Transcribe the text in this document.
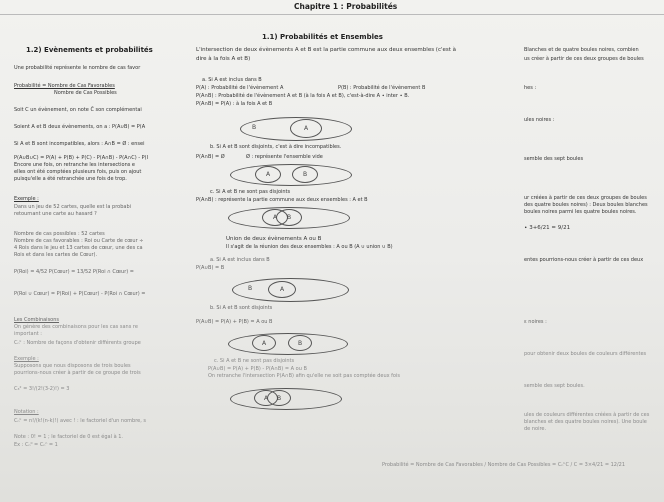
Chapitre 1 : Probabilités
1.1) Probabilités et Ensembles
1.2) Evènements et probabilités
Une probabilité représente le nombre de cas favor
Probabilité = Nombre de Cas Favorables
Nombre de Cas Possibles
Soit C un évènement, on note C̄ son complémentai
Soient A et B deux évènements, on a : P(A∪B) = P(A
Si A et B sont incompatibles, alors : A∩B = Ø : ensei
P(A∪B∪C) = P(A) + P(B) + P(C) - P(A∩B) - P(A∩C) - P(I
Encore une fois, on retranche les intersections e
elles ont été comptées plusieurs fois, puis on ajout
puisqu'elle a été retranchée une fois de trop.
Exemple :
Dans un jeu de 52 cartes, quelle est la probabi
retournant une carte au hasard ?
Nombre de cas possibles : 52 cartes
Nombre de cas favorables : Roi ou Carte de cœur ÷
4 Rois dans le jeu et 13 cartes de cœur, une des ca
Rois et dans les cartes de Cœur).
P(Roi) = 4/52 P(Cœur) = 13/52 P(Roi ∩ Cœur) =
P(Roi ∪ Cœur) = P(Roi) + P(Cœur) - P(Roi ∩ Cœur) =
Les Combinaisons
On génère des combinaisons pour les cas sans re
important :
Cₙᵏ : Nombre de façons d'obtenir différents groupe
Exemple :
Supposons que nous disposons de trois boules
pourrions-nous créer à partir de ce groupe de trois
C₃² = 3!/(2!(3-2)!) = 3
Notation :
Cₙᵏ = n!/(k!(n-k)!) avec ! : le factoriel d'un nombre, s
Note : 0! = 1 ; le factoriel de 0 est égal à 1.
Ex : Cₙ⁰ = Cₙⁿ = 1
L'intersection de deux évènements A et B est la partie commune aux deux ensembles (c'est à
dire à la fois A et B)
a. Si A est inclus dans B
P(A) : Probabilité de l'évènement A	P(B) : Probabilité de l'évènement B
P(A∩B) : Probabilité de l'évènement A et B (à la fois A et B), c'est-à-dire A ∙ inter ∙ B.
P(A∩B) = P(A) : à la fois A et B
B	A
b. Si A et B sont disjoints, c'est à dire incompatibles.
P(A∩B) = Ø	Ø : représente l'ensemble vide
A	B
c. Si A et B ne sont pas disjoints
P(A∩B) : représente la partie commune aux deux ensembles : A et B
A B
Union de deux évènements A ou B
Il s'agit de la réunion des deux ensembles : A ou B (A ∪ union ∪ B)
a. Si A est inclus dans B
P(A∪B) = B
B	A
b. Si A et B sont disjoints
P(A∪B) = P(A) + P(B) = A ou B
A	B
c. Si A et B ne sont pas disjoints
P(A∪B) = P(A) + P(B) - P(A∩B) = A ou B
On retranche l'intersection P(A∩B) afin qu'elle ne soit pas comptée deux fois
A B
Blanches et de quatre boules noires, combien
us créer à partir de ces deux groupes de boules
hes :
ules noires :
semble des sept boules
ur créées à partir de ces deux groupes de boules
des quatre boules noires) : Deux boules blanches
boules noires parmi les quatre boules noires.
∙ 3+6/21 = 9/21
entes pourrions-nous créer à partir de ces deux
ɛ noires :
pour obtenir deux boules de couleurs différentes
semble des sept boules.
ules de couleurs différentes créées à partir de ces
blanches et des quatre boules noires). Une boule
de noire.
Probabilité = Nombre de Cas Favorables / Nombre de Cas Possibles = CₙᵏC / C = 3×4/21 = 12/21
